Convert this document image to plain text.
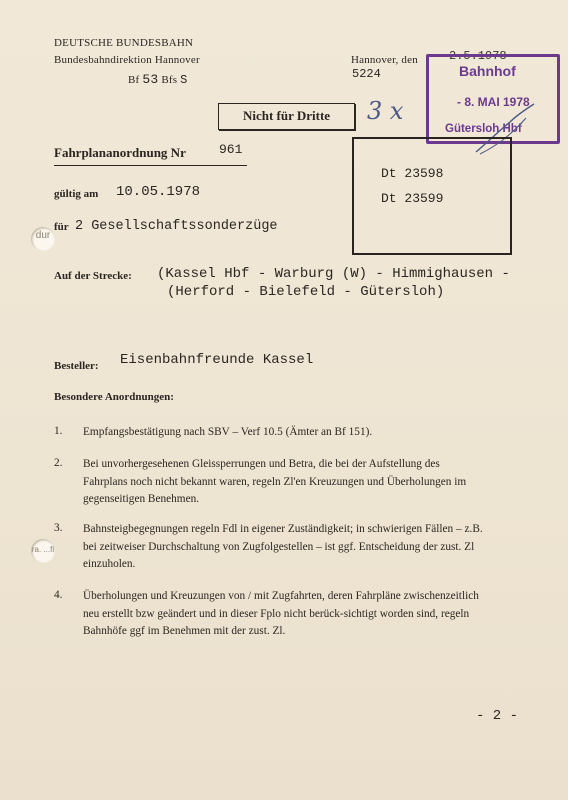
DEUTSCHE BUNDESBAHN
Bundesbahndirektion Hannover
Bf 53 Bfs S
Hannover, den	2.5.1978
5224
Nicht für Dritte	3 x
Bahnhof
- 8. MAI 1978
Gütersloh Hbf
Fahrplananordnung Nr	961
gültig am 10.05.1978
für 2 Gesellschaftssonderzüge
Dt 23598
Dt 23599
Auf der Strecke: (Kassel Hbf - Warburg (W) - Himmighausen -
(Herford - Bielefeld - Gütersloh)
Besteller: Eisenbahnfreunde Kassel
Besondere Anordnungen:
1. Empfangsbestätigung nach SBV – Verf 10.5 (Ämter an Bf 151).
2. Bei unvorhergesehenen Gleissperrungen und Betra, die bei der Aufstellung des Fahrplans noch nicht bekannt waren, regeln Zl'en Kreuzungen und Überholungen im gegenseitigen Benehmen.
3. Bahnsteigbegegnungen regeln Fdl in eigener Zuständigkeit; in schwierigen Fällen – z.B. bei zeitweiser Durchschaltung von Zugfolgestellen – ist ggf. Entscheidung der zust. Zl einzuholen.
4. Überholungen und Kreuzungen von / mit Zugfahrten, deren Fahrpläne zwischenzeitlich neu erstellt bzw geändert und in dieser Fplo nicht berück-sichtigt worden sind, regeln Bahnhöfe ggf im Benehmen mit der zust. Zl.
- 2 -
dur
ra. ...fi
